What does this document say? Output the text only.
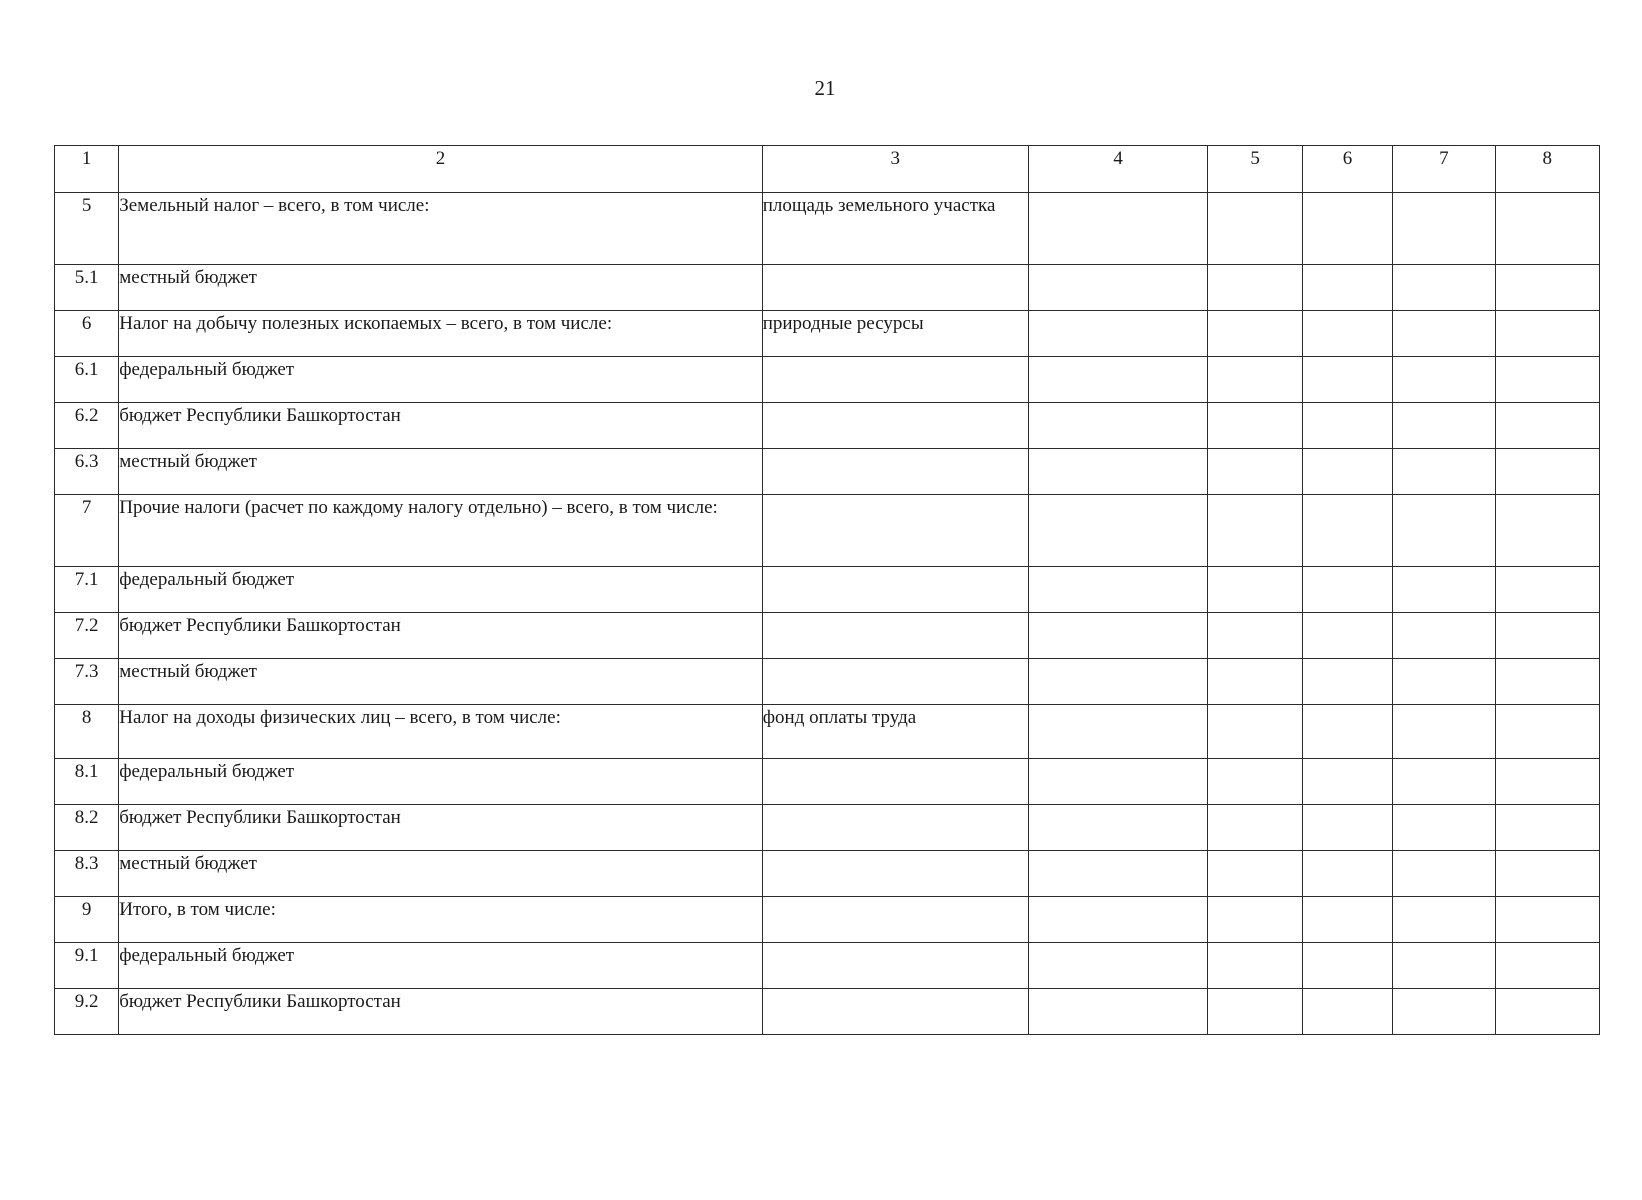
21
1	2	3	4	5	6	7	8
5	Земельный налог – всего, в том числе:	площадь земельного участка					
5.1	местный бюджет						
6	Налог на добычу полезных ископаемых – всего, в том числе:	природные ресурсы					
6.1	федеральный бюджет						
6.2	бюджет Республики Башкортостан						
6.3	местный бюджет						
7	Прочие налоги (расчет по каждому налогу отдельно) – всего, в том числе:						
7.1	федеральный бюджет						
7.2	бюджет Республики Башкортостан						
7.3	местный бюджет						
8	Налог на доходы физических лиц – всего, в том числе:	фонд оплаты труда					
8.1	федеральный бюджет						
8.2	бюджет Республики Башкортостан						
8.3	местный бюджет						
9	Итого, в том числе:						
9.1	федеральный бюджет						
9.2	бюджет Республики Башкортостан						
